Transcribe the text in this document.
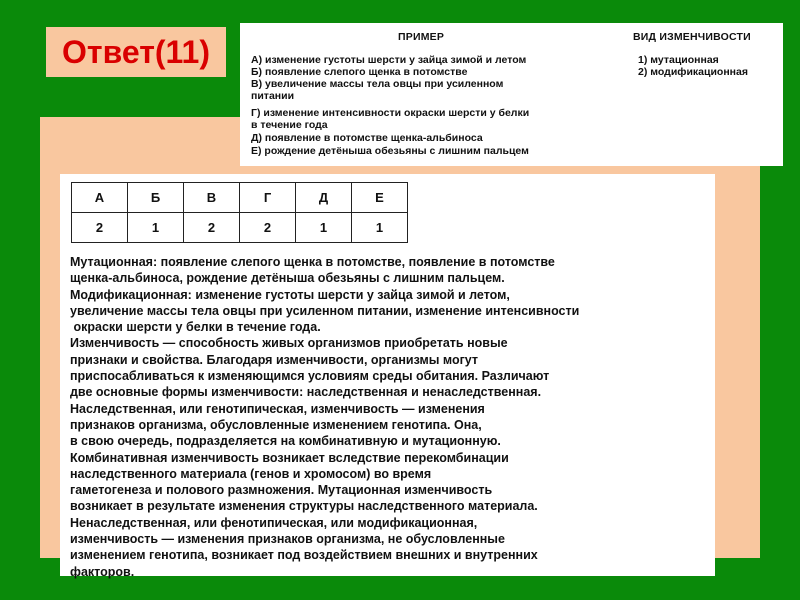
Ответ(11)	ПРИМЕР	ВИД ИЗМЕНЧИВОСТИ
А) изменение густоты шерсти у зайца зимой и летом
Б) появление слепого щенка в потомстве
В) увеличение массы тела овцы при усиленном
питании
Г) изменение интенсивности окраски шерсти у белки
в течение года
Д) появление в потомстве щенка-альбиноса
Е) рождение детёныша обезьяны с лишним пальцем
1) мутационная
2) модификационная
А	Б	В	Г	Д	Е
2	1	2	2	1	1
Мутационная: появление слепого щенка в потомстве, появление в потомстве
щенка-альбиноса, рождение детёныша обезьяны с лишним пальцем.
Модификационная: изменение густоты шерсти у зайца зимой и летом,
увеличение массы тела овцы при усиленном питании, изменение интенсивности
окраски шерсти у белки в течение года.
Изменчивость — способность живых организмов приобретать новые
признаки и свойства. Благодаря изменчивости, организмы могут
приспосабливаться к изменяющимся условиям среды обитания. Различают
две основные формы изменчивости: наследственная и ненаследственная.
Наследственная, или генотипическая, изменчивость — изменения
признаков организма, обусловленные изменением генотипа. Она,
в свою очередь, подразделяется на комбинативную и мутационную.
Комбинативная изменчивость возникает вследствие перекомбинации
наследственного материала (генов и хромосом) во время
гаметогенеза и полового размножения. Мутационная изменчивость
возникает в результате изменения структуры наследственного материала.
Ненаследственная, или фенотипическая, или модификационная,
изменчивость — изменения признаков организма, не обусловленные
изменением генотипа, возникает под воздействием внешних и внутренних
факторов.
